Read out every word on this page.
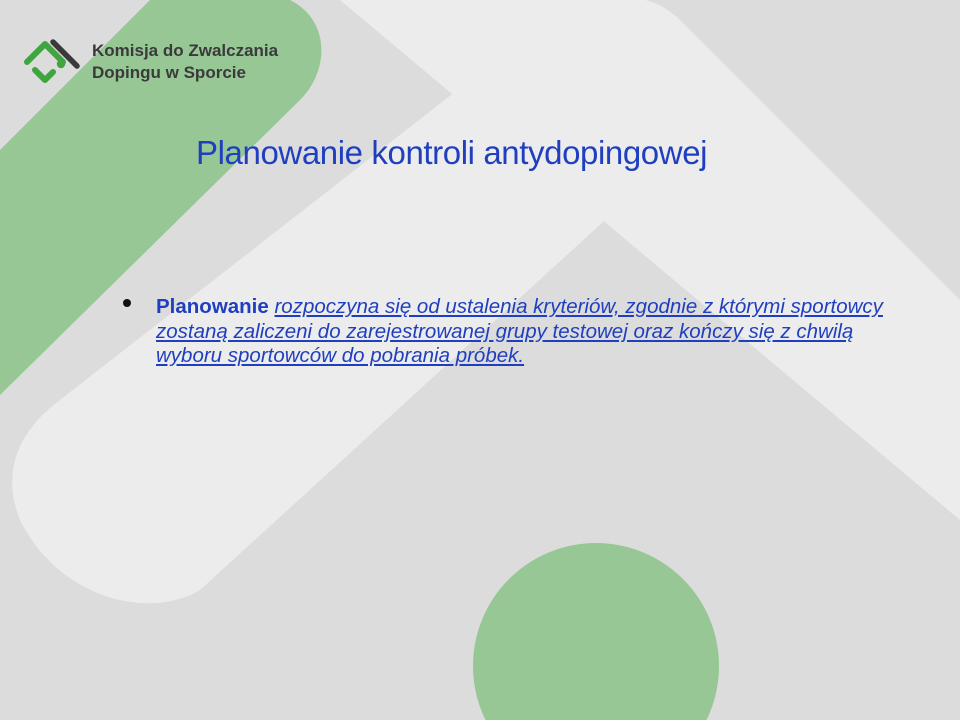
Komisja do Zwalczania
Dopingu w Sporcie
Planowanie kontroli antydopingowej
Planowanie rozpoczyna się od ustalenia kryteriów, zgodnie z którymi sportowcy zostaną zaliczeni do zarejestrowanej grupy testowej oraz kończy się z chwilą wyboru sportowców do pobrania próbek.
